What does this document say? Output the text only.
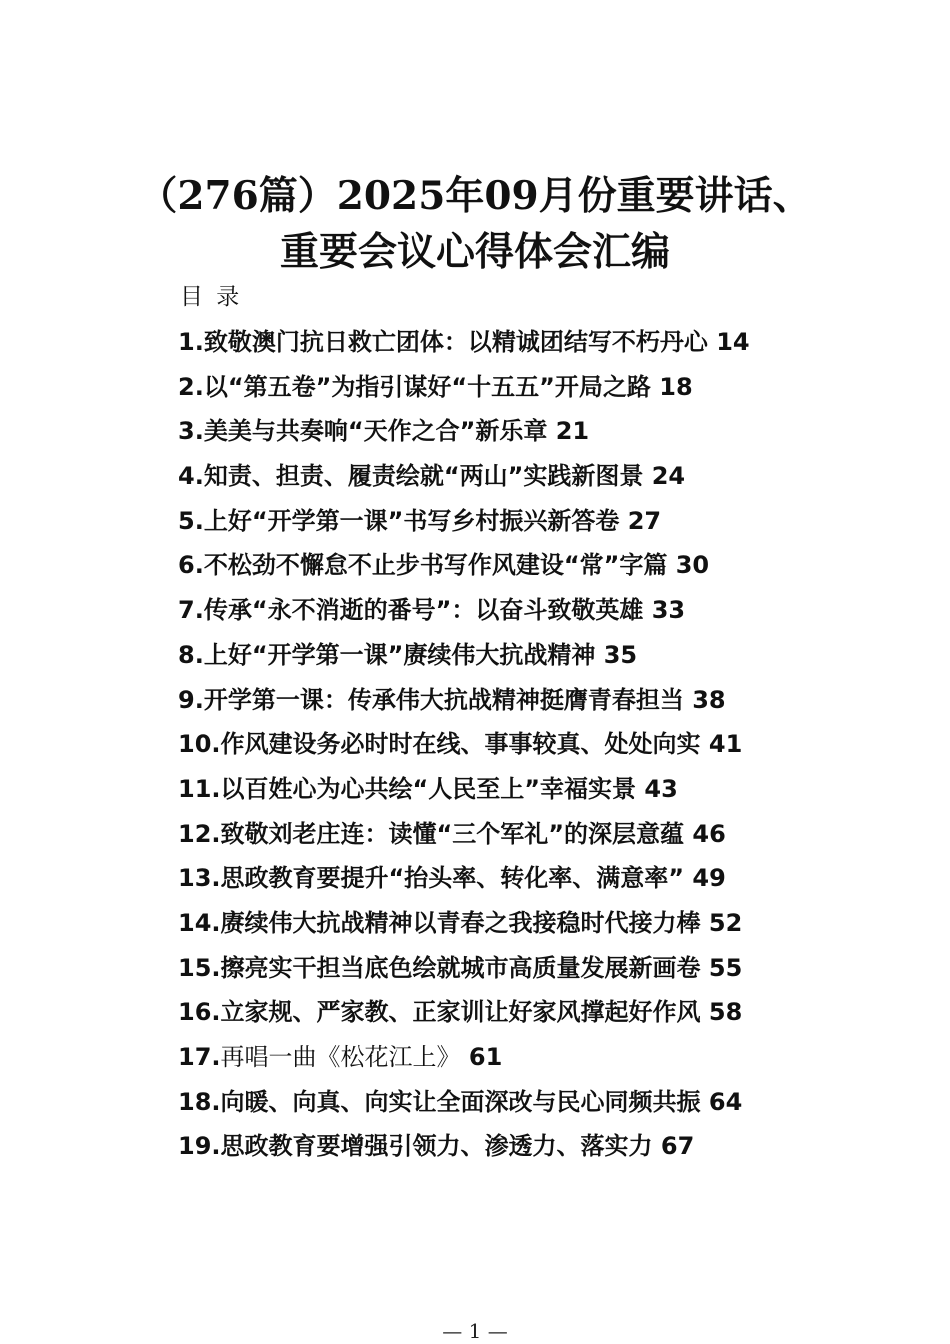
（276篇）2025年09月份重要讲话、
重要会议心得体会汇编
目 录
1.致敬澳门抗日救亡团体：以精诚团结写不朽丹心 14
2.以“第五卷”为指引谋好“十五五”开局之路 18
3.美美与共奏响“天作之合”新乐章 21
4.知责、担责、履责绘就“两山”实践新图景 24
5.上好“开学第一课”书写乡村振兴新答卷 27
6.不松劲不懈怠不止步书写作风建设“常”字篇 30
7.传承“永不消逝的番号”：以奋斗致敬英雄 33
8.上好“开学第一课”赓续伟大抗战精神 35
9.开学第一课：传承伟大抗战精神挺膺青春担当 38
10.作风建设务必时时在线、事事较真、处处向实 41
11.以百姓心为心共绘“人民至上”幸福实景 43
12.致敬刘老庄连：读懂“三个军礼”的深层意蕴 46
13.思政教育要提升“抬头率、转化率、满意率” 49
14.赓续伟大抗战精神以青春之我接稳时代接力棒 52
15.擦亮实干担当底色绘就城市高质量发展新画卷 55
16.立家规、严家教、正家训让好家风撑起好作风 58
17.再唱一曲《松花江上》 61
18.向暖、向真、向实让全面深改与民心同频共振 64
19.思政教育要增强引领力、渗透力、落实力 67
— 1 —
